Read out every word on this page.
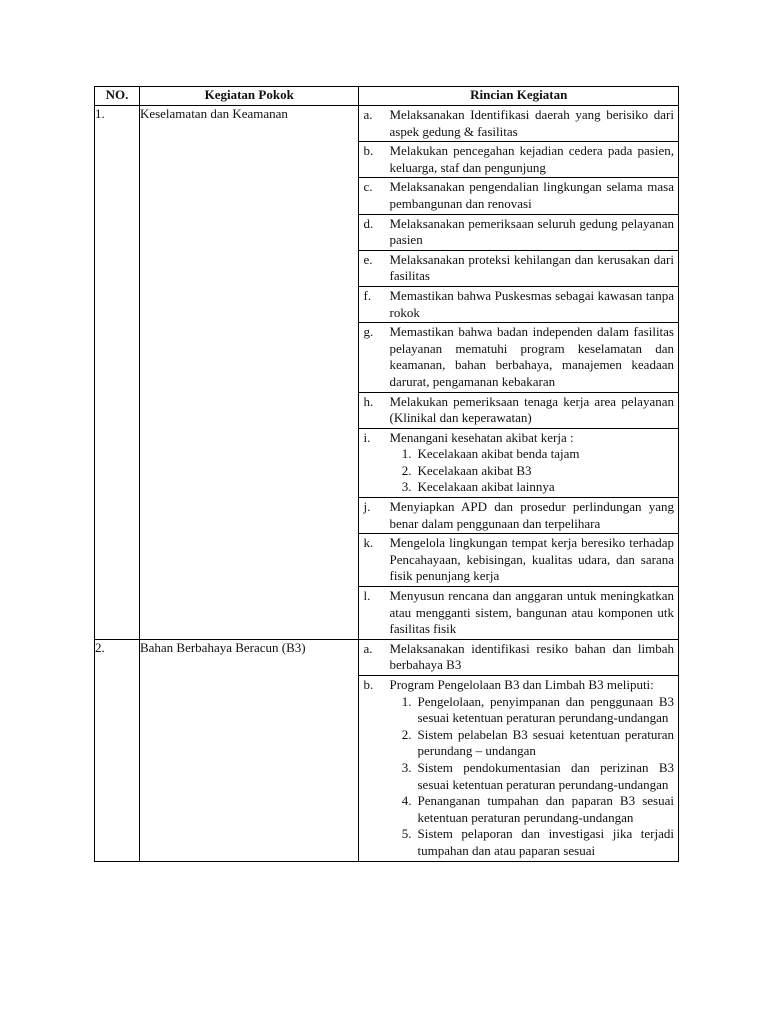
NO.	Kegiatan Pokok	Rincian Kegiatan
1.	Keselamatan dan Keamanan		a.	Melaksanakan Identifikasi daerah yang berisiko dari aspek gedung & fasilitas
b.	Melakukan pencegahan kejadian cedera pada pasien, keluarga, staf dan pengunjung
c.	Melaksanakan pengendalian lingkungan selama masa pembangunan dan renovasi
d.	Melaksanakan pemeriksaan seluruh gedung pelayanan pasien
e.	Melaksanakan proteksi kehilangan dan kerusakan dari fasilitas
f.	Memastikan bahwa Puskesmas sebagai kawasan tanpa rokok
g.	Memastikan bahwa badan independen dalam fasilitas pelayanan mematuhi program keselamatan dan keamanan, bahan berbahaya, manajemen keadaan darurat, pengamanan kebakaran
h.	Melakukan pemeriksaan tenaga kerja area pelayanan (Klinikal dan keperawatan)
i.	Menangani kesehatan akibat kerja :
1. Kecelakaan akibat benda tajam
2. Kecelakaan akibat B3
3. Kecelakaan akibat lainnya

j.	Menyiapkan APD dan prosedur perlindungan yang benar dalam penggunaan dan terpelihara
k.	Mengelola lingkungan tempat kerja beresiko terhadap Pencahayaan, kebisingan, kualitas udara, dan sarana fisik penunjang kerja
l.	Menyusun rencana dan anggaran untuk meningkatkan atau mengganti sistem, bangunan atau komponen utk fasilitas fisik

2.	Bahan Berbahaya Beracun (B3)		a.	Melaksanakan identifikasi resiko bahan dan limbah berbahaya B3
b.	Program Pengelolaan B3 dan Limbah B3 meliputi:
1. Pengelolaan, penyimpanan dan penggunaan B3 sesuai ketentuan peraturan perundang-undangan
2. Sistem pelabelan B3 sesuai ketentuan peraturan perundang – undangan
3. Sistem pendokumentasian dan perizinan B3 sesuai ketentuan peraturan perundang-undangan
4. Penanganan tumpahan dan paparan B3 sesuai ketentuan peraturan perundang-undangan
5. Sistem pelaporan dan investigasi jika terjadi tumpahan dan atau paparan sesuai
